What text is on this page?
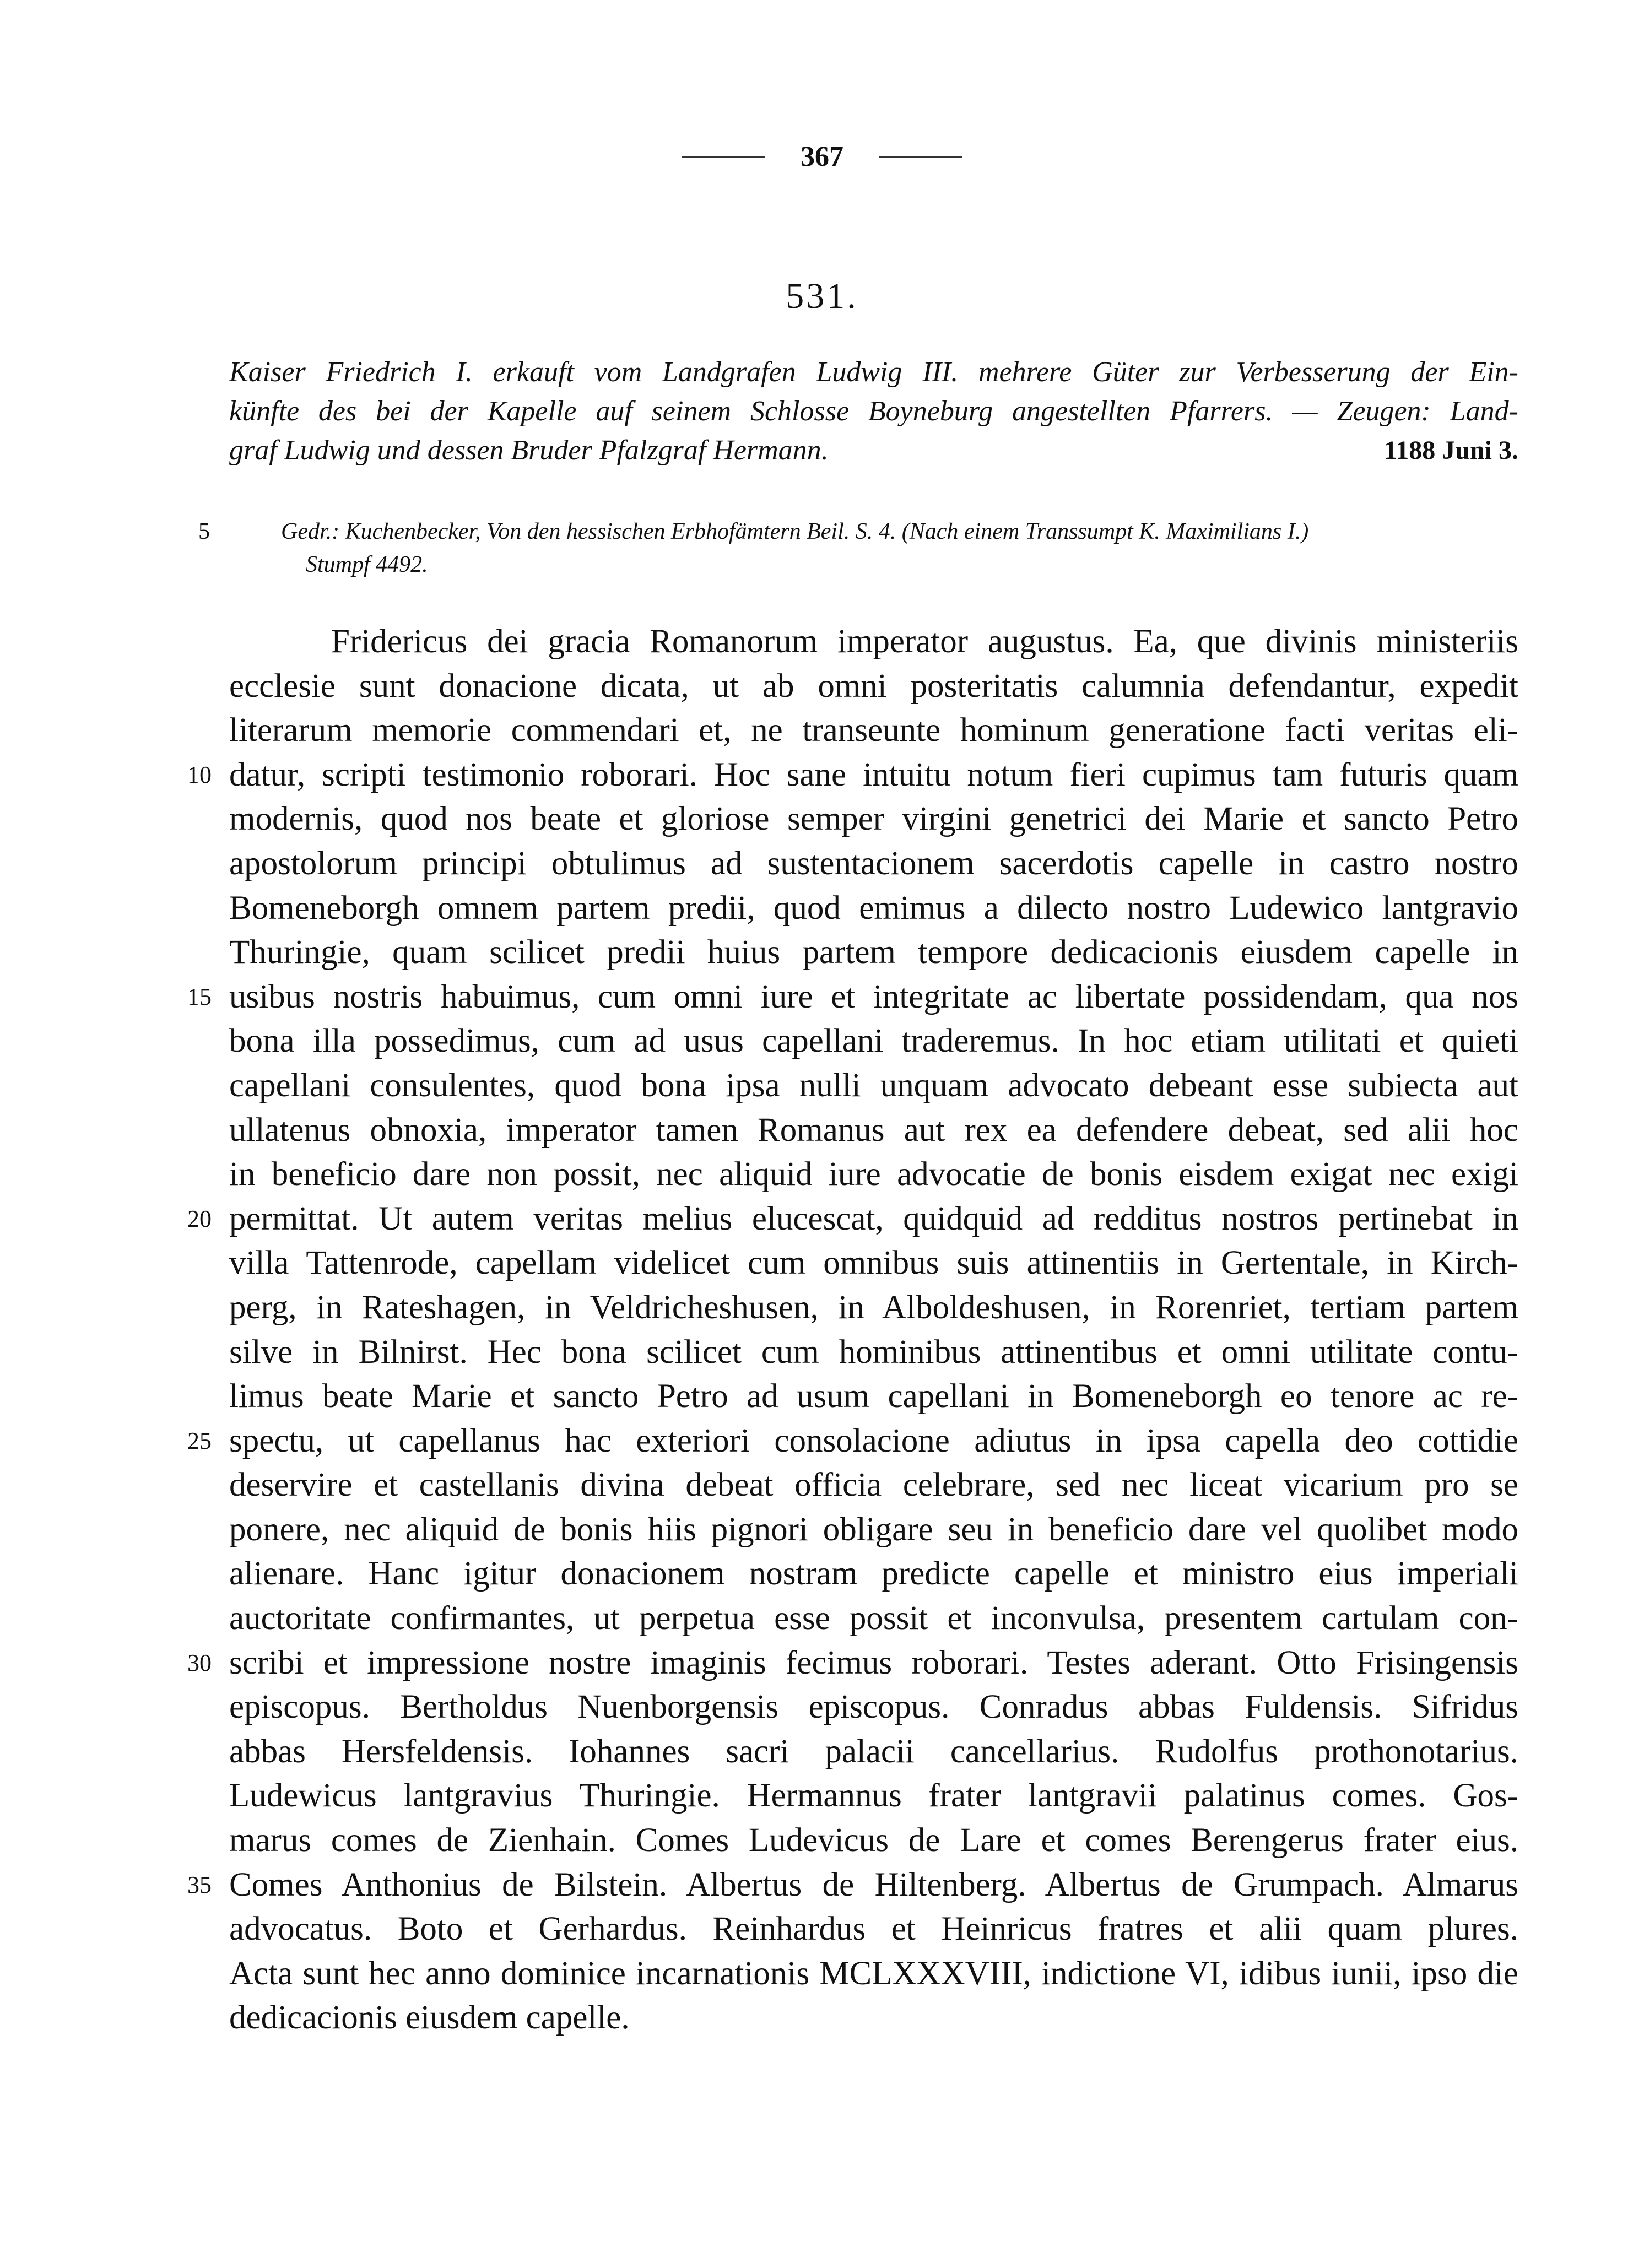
367
531.
Kaiser Friedrich I. erkauft vom Landgrafen Ludwig III. mehrere Güter zur Verbesserung der Ein-
künfte des bei der Kapelle auf seinem Schlosse Boyneburg angestellten Pfarrers. — Zeugen: Land-
graf Ludwig und dessen Bruder Pfalzgraf Hermann.	1188 Juni 3.
5	Gedr.: Kuchenbecker, Von den hessischen Erbhofämtern Beil. S. 4. (Nach einem Transsumpt K. Maximilians I.)
Stumpf 4492.
Fridericus dei gracia Romanorum imperator augustus. Ea, que divinis ministeriis
ecclesie sunt donacione dicata, ut ab omni posteritatis calumnia defendantur, expedit
literarum memorie commendari et, ne transeunte hominum generatione facti veritas eli-
10 datur, scripti testimonio roborari. Hoc sane intuitu notum fieri cupimus tam futuris quam
modernis, quod nos beate et gloriose semper virgini genetrici dei Marie et sancto Petro
apostolorum principi obtulimus ad sustentacionem sacerdotis capelle in castro nostro
Bomeneborgh omnem partem predii, quod emimus a dilecto nostro Ludewico lantgravio
Thuringie, quam scilicet predii huius partem tempore dedicacionis eiusdem capelle in
15 usibus nostris habuimus, cum omni iure et integritate ac libertate possidendam, qua nos
bona illa possedimus, cum ad usus capellani traderemus. In hoc etiam utilitati et quieti
capellani consulentes, quod bona ipsa nulli unquam advocato debeant esse subiecta aut
ullatenus obnoxia, imperator tamen Romanus aut rex ea defendere debeat, sed alii hoc
in beneficio dare non possit, nec aliquid iure advocatie de bonis eisdem exigat nec exigi
20 permittat. Ut autem veritas melius elucescat, quidquid ad redditus nostros pertinebat in
villa Tattenrode, capellam videlicet cum omnibus suis attinentiis in Gertentale, in Kirch-
perg, in Rateshagen, in Veldricheshusen, in Alboldeshusen, in Rorenriet, tertiam partem
silve in Bilnirst. Hec bona scilicet cum hominibus attinentibus et omni utilitate contu-
limus beate Marie et sancto Petro ad usum capellani in Bomeneborgh eo tenore ac re-
25 spectu, ut capellanus hac exteriori consolacione adiutus in ipsa capella deo cottidie
deservire et castellanis divina debeat officia celebrare, sed nec liceat vicarium pro se
ponere, nec aliquid de bonis hiis pignori obligare seu in beneficio dare vel quolibet modo
alienare. Hanc igitur donacionem nostram predicte capelle et ministro eius imperiali
auctoritate confirmantes, ut perpetua esse possit et inconvulsa, presentem cartulam con-
30 scribi et impressione nostre imaginis fecimus roborari. Testes aderant. Otto Frisingensis
episcopus. Bertholdus Nuenborgensis episcopus. Conradus abbas Fuldensis. Sifridus
abbas Hersfeldensis. Iohannes sacri palacii cancellarius. Rudolfus prothonotarius.
Ludewicus lantgravius Thuringie. Hermannus frater lantgravii palatinus comes. Gos-
marus comes de Zienhain. Comes Ludevicus de Lare et comes Berengerus frater eius.
35 Comes Anthonius de Bilstein. Albertus de Hiltenberg. Albertus de Grumpach. Almarus
advocatus. Boto et Gerhardus. Reinhardus et Heinricus fratres et alii quam plures.
Acta sunt hec anno dominice incarnationis MCLXXXVIII, indictione VI, idibus iunii, ipso die
dedicacionis eiusdem capelle.
